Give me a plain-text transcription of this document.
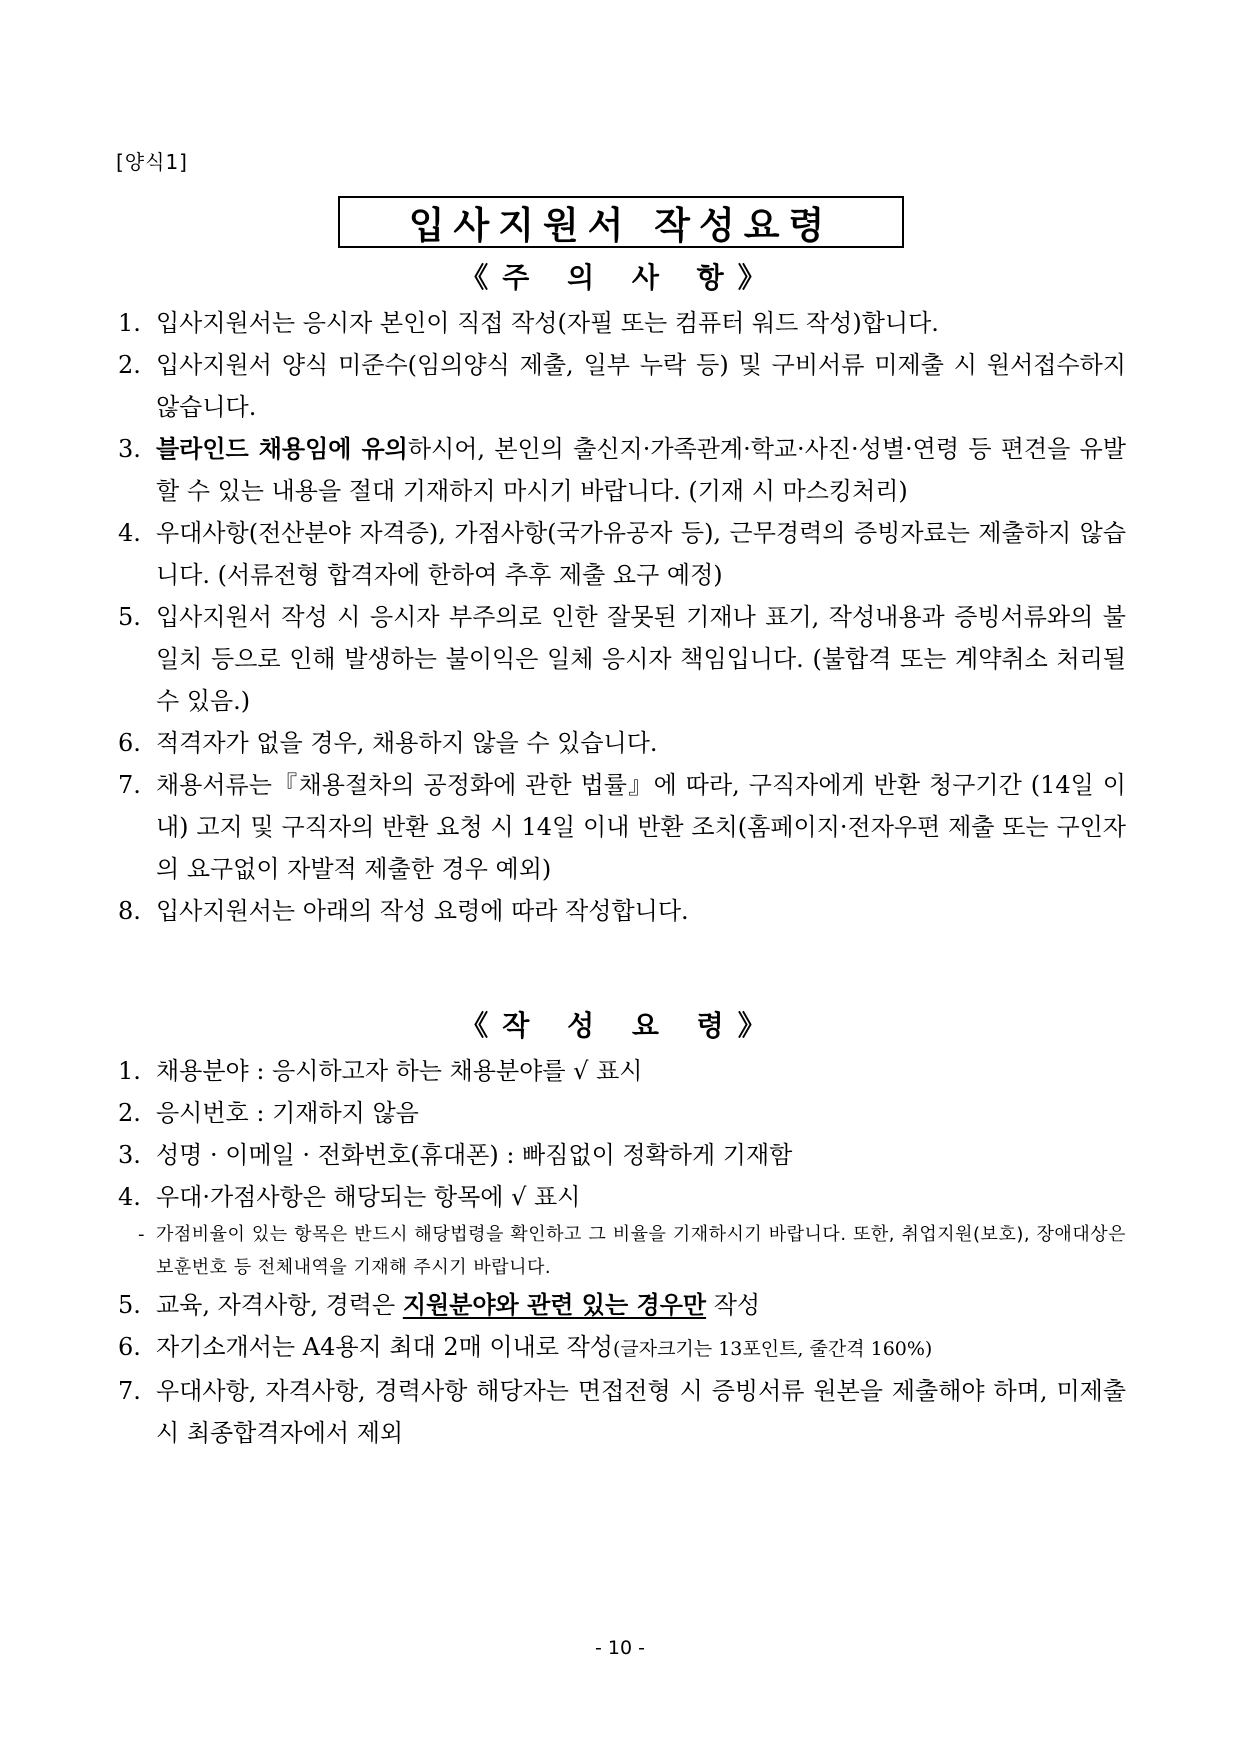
[양식1]
입사지원서 작성요령
《주 의 사 항》
1. 입사지원서는 응시자 본인이 직접 작성(자필 또는 컴퓨터 워드 작성)합니다.
2. 입사지원서 양식 미준수(임의양식 제출, 일부 누락 등) 및 구비서류 미제출 시 원서접수하지 않습니다.
3. 블라인드 채용임에 유의하시어, 본인의 출신지·가족관계·학교·사진·성별·연령 등 편견을 유발할 수 있는 내용을 절대 기재하지 마시기 바랍니다. (기재 시 마스킹처리)
4. 우대사항(전산분야 자격증), 가점사항(국가유공자 등), 근무경력의 증빙자료는 제출하지 않습니다. (서류전형 합격자에 한하여 추후 제출 요구 예정)
5. 입사지원서 작성 시 응시자 부주의로 인한 잘못된 기재나 표기, 작성내용과 증빙서류와의 불일치 등으로 인해 발생하는 불이익은 일체 응시자 책임입니다. (불합격 또는 계약취소 처리될 수 있음.)
6. 적격자가 없을 경우, 채용하지 않을 수 있습니다.
7. 채용서류는『채용절차의 공정화에 관한 법률』에 따라, 구직자에게 반환 청구기간 (14일 이내) 고지 및 구직자의 반환 요청 시 14일 이내 반환 조치(홈페이지·전자우편 제출 또는 구인자의 요구없이 자발적 제출한 경우 예외)
8. 입사지원서는 아래의 작성 요령에 따라 작성합니다.
《작 성 요 령》
1. 채용분야 : 응시하고자 하는 채용분야를 √ 표시
2. 응시번호 : 기재하지 않음
3. 성명 · 이메일 · 전화번호(휴대폰) : 빠짐없이 정확하게 기재함
4. 우대·가점사항은 해당되는 항목에 √ 표시
- 가점비율이 있는 항목은 반드시 해당법령을 확인하고 그 비율을 기재하시기 바랍니다. 또한, 취업지원(보호), 장애대상은 보훈번호 등 전체내역을 기재해 주시기 바랍니다.
5. 교육, 자격사항, 경력은 지원분야와 관련 있는 경우만 작성
6. 자기소개서는 A4용지 최대 2매 이내로 작성(글자크기는 13포인트, 줄간격 160%)
7. 우대사항, 자격사항, 경력사항 해당자는 면접전형 시 증빙서류 원본을 제출해야 하며, 미제출시 최종합격자에서 제외
- 10 -
